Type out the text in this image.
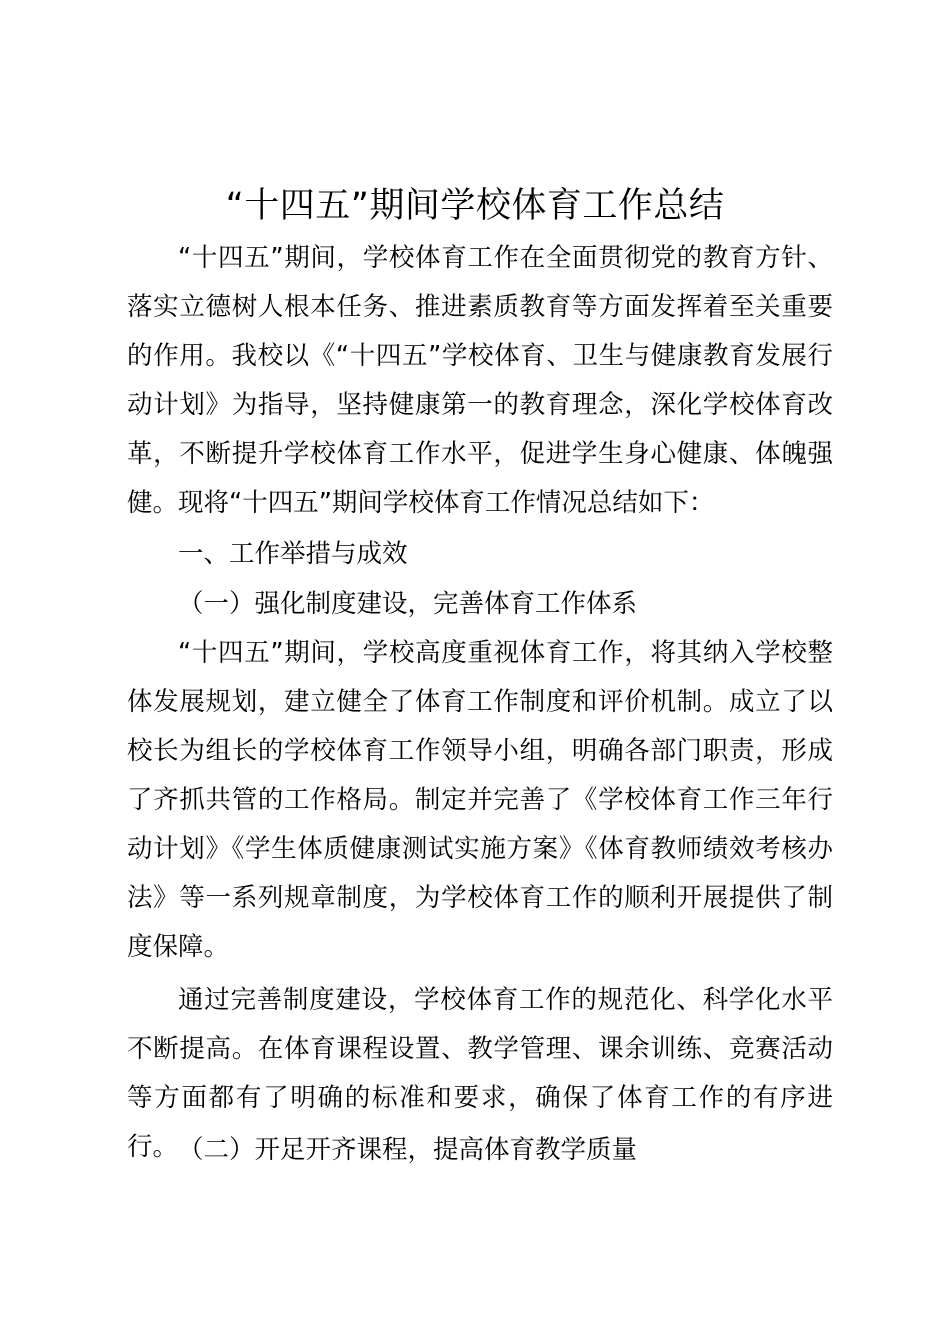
“十四五”期间学校体育工作总结

“十四五”期间，学校体育工作在全面贯彻党的教育方针、落实立德树人根本任务、推进素质教育等方面发挥着至关重要的作用。我校以《“十四五”学校体育、卫生与健康教育发展行动计划》为指导，坚持健康第一的教育理念，深化学校体育改革，不断提升学校体育工作水平，促进学生身心健康、体魄强健。现将“十四五”期间学校体育工作情况总结如下：

一、工作举措与成效

（一）强化制度建设，完善体育工作体系

“十四五”期间，学校高度重视体育工作，将其纳入学校整体发展规划，建立健全了体育工作制度和评价机制。成立了以校长为组长的学校体育工作领导小组，明确各部门职责，形成了齐抓共管的工作格局。制定并完善了《学校体育工作三年行动计划》《学生体质健康测试实施方案》《体育教师绩效考核办法》等一系列规章制度，为学校体育工作的顺利开展提供了制度保障。

通过完善制度建设，学校体育工作的规范化、科学化水平不断提高。在体育课程设置、教学管理、课余训练、竞赛活动等方面都有了明确的标准和要求，确保了体育工作的有序进行。 （二）开足开齐课程，提高体育教学质量
